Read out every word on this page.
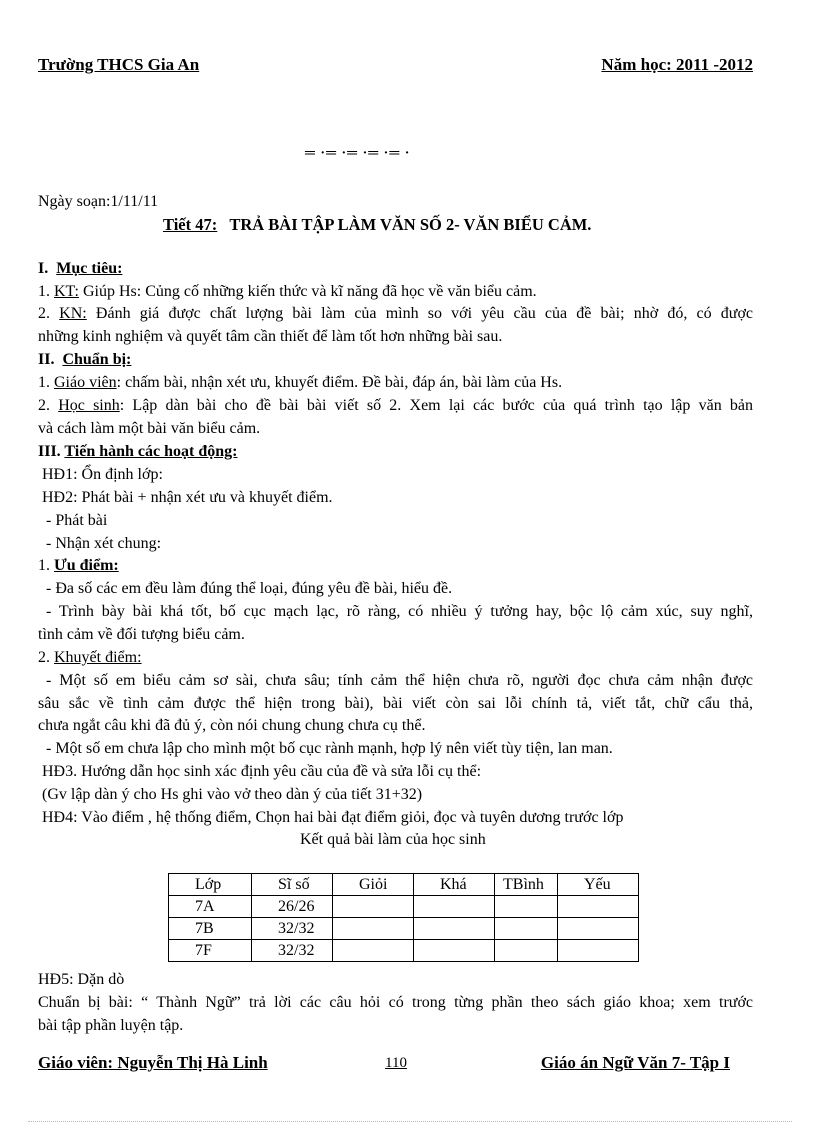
Trường THCS Gia An	Năm học: 2011 -2012
═ ·═ ·═ ·═ ·═ ·
Ngày soạn:1/11/11
Tiết 47: TRẢ BÀI TẬP LÀM VĂN SỐ 2- VĂN BIỂU CẢM.
I. Mục tiêu:
1. KT: Giúp Hs: Củng cố những kiến thức và kĩ năng đã học về văn biểu cảm.
2. KN: Đánh giá được chất lượng bài làm của mình so với yêu cầu của đề bài; nhờ đó, có được
những kinh nghiệm và quyết tâm cần thiết để làm tốt hơn những bài sau.
II. Chuẩn bị:
1. Giáo viên: chấm bài, nhận xét ưu, khuyết điểm. Đề bài, đáp án, bài làm của Hs.
2. Học sinh: Lập dàn bài cho đề bài bài viết số 2. Xem lại các bước của quá trình tạo lập văn bản
và cách làm một bài văn biểu cảm.
III. Tiến hành các hoạt động:
HĐ1: Ổn định lớp:
HĐ2: Phát bài + nhận xét ưu và khuyết điểm.
- Phát bài
- Nhận xét chung:
1. Ưu điểm:
- Đa số các em đều làm đúng thể loại, đúng yêu đề bài, hiểu đề.
- Trình bày bài khá tốt, bố cục mạch lạc, rõ ràng, có nhiều ý tưởng hay, bộc lộ cảm xúc, suy nghĩ,
tình cảm về đối tượng biểu cảm.
2. Khuyết điểm:
- Một số em biểu cảm sơ sài, chưa sâu; tính cảm thể hiện chưa rõ, người đọc chưa cảm nhận được
sâu sắc về tình cảm được thể hiện trong bài), bài viết còn sai lỗi chính tả, viết tắt, chữ cẩu thả,
chưa ngắt câu khi đã đủ ý, còn nói chung chung chưa cụ thể.
- Một số em chưa lập cho mình một bố cục rành mạnh, hợp lý nên viết tùy tiện, lan man.
HĐ3. Hướng dẫn học sinh xác định yêu cầu của đề và sửa lỗi cụ thể:
(Gv lập dàn ý cho Hs ghi vào vở theo dàn ý của tiết 31+32)
HĐ4: Vào điểm , hệ thống điểm, Chọn hai bài đạt điểm giỏi, đọc và tuyên dương trước lớp
Kết quả bài làm của học sinh
Lớp	Sĩ số	Giỏi	Khá	TBình	Yếu
7A	26/26				
7B	32/32				
7F	32/32				
HĐ5: Dặn dò
Chuẩn bị bài: “ Thành Ngữ” trả lời các câu hỏi có trong từng phần theo sách giáo khoa; xem trước
bài tập phần luyện tập.
Giáo viên: Nguyễn Thị Hà Linh	110	Giáo án Ngữ Văn 7- Tập I
